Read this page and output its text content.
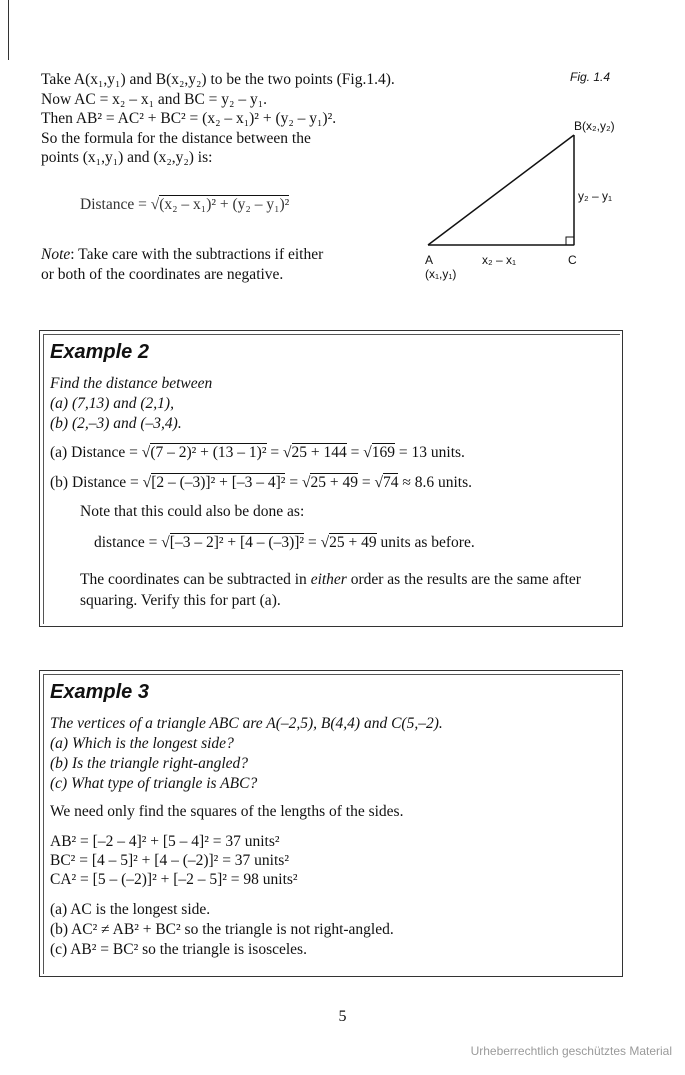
Take A(x₁,y₁) and B(x₂,y₂) to be the two points (Fig.1.4).
Now AC = x₂ – x₁ and BC = y₂ – y₁.
Then AB² = AC² + BC² = (x₂ – x₁)² + (y₂ – y₁)².
So the formula for the distance between the
points (x₁,y₁) and (x₂,y₂) is:
Distance = √(x₂ – x₁)² + (y₂ – y₁)²
Note: Take care with the subtractions if either
or both of the coordinates are negative.
Fig. 1.4
B(x₂,y₂)
y₂ – y₁
A
(x₁,y₁)
C
x₂ – x₁
Example 2
Find the distance between
(a) (7,13) and (2,1),
(b) (2,–3) and (–3,4).
(a) Distance = √(7 – 2)² + (13 – 1)² = √25 + 144 = √169 = 13 units.
(b) Distance = √[2 – (–3)]² + [–3 – 4]² = √25 + 49 = √74 ≈ 8.6 units.
Note that this could also be done as:
distance = √[–3 – 2]² + [4 – (–3)]² = √25 + 49 units as before.
The coordinates can be subtracted in either order as the results are the same after
squaring. Verify this for part (a).
Example 3
The vertices of a triangle ABC are A(–2,5), B(4,4) and C(5,–2).
(a) Which is the longest side?
(b) Is the triangle right-angled?
(c) What type of triangle is ABC?
We need only find the squares of the lengths of the sides.
AB² = [–2 – 4]² + [5 – 4]² = 37 units²
BC² = [4 – 5]² + [4 – (–2)]² = 37 units²
CA² = [5 – (–2)]² + [–2 – 5]² = 98 units²
(a) AC is the longest side.
(b) AC² ≠ AB² + BC² so the triangle is not right-angled.
(c) AB² = BC² so the triangle is isosceles.
5
Urheberrechtlich geschütztes Material
